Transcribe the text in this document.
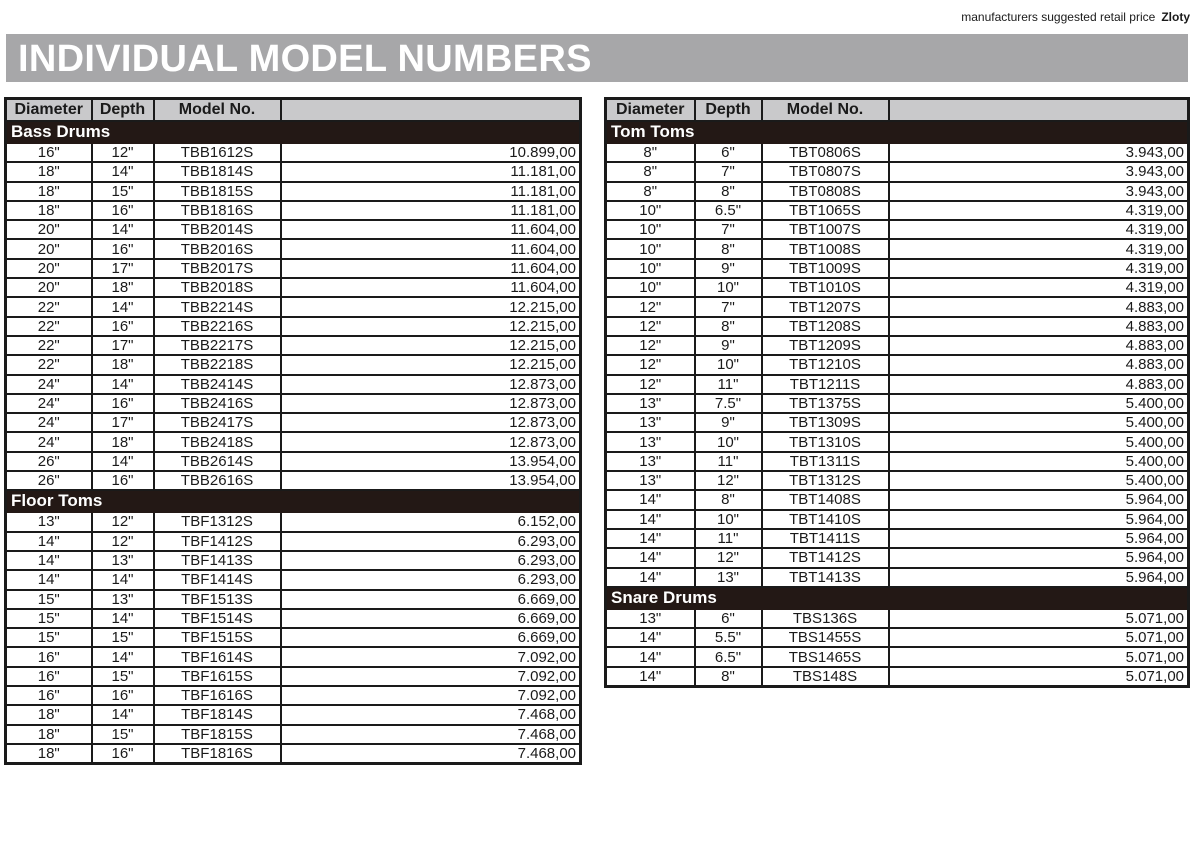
manufacturers suggested retail price Zloty
INDIVIDUAL MODEL NUMBERS
Diameter	Depth	Model No.	
Bass Drums			
16"	12"	TBB1612S	10.899,00
18"	14"	TBB1814S	11.181,00
18"	15"	TBB1815S	11.181,00
18"	16"	TBB1816S	11.181,00
20"	14"	TBB2014S	11.604,00
20"	16"	TBB2016S	11.604,00
20"	17"	TBB2017S	11.604,00
20"	18"	TBB2018S	11.604,00
22"	14"	TBB2214S	12.215,00
22"	16"	TBB2216S	12.215,00
22"	17"	TBB2217S	12.215,00
22"	18"	TBB2218S	12.215,00
24"	14"	TBB2414S	12.873,00
24"	16"	TBB2416S	12.873,00
24"	17"	TBB2417S	12.873,00
24"	18"	TBB2418S	12.873,00
26"	14"	TBB2614S	13.954,00
26"	16"	TBB2616S	13.954,00
Floor Toms			
13"	12"	TBF1312S	6.152,00
14"	12"	TBF1412S	6.293,00
14"	13"	TBF1413S	6.293,00
14"	14"	TBF1414S	6.293,00
15"	13"	TBF1513S	6.669,00
15"	14"	TBF1514S	6.669,00
15"	15"	TBF1515S	6.669,00
16"	14"	TBF1614S	7.092,00
16"	15"	TBF1615S	7.092,00
16"	16"	TBF1616S	7.092,00
18"	14"	TBF1814S	7.468,00
18"	15"	TBF1815S	7.468,00
18"	16"	TBF1816S	7.468,00
Diameter	Depth	Model No.	
Tom Toms			
8"	6"	TBT0806S	3.943,00
8"	7"	TBT0807S	3.943,00
8"	8"	TBT0808S	3.943,00
10"	6.5"	TBT1065S	4.319,00
10"	7"	TBT1007S	4.319,00
10"	8"	TBT1008S	4.319,00
10"	9"	TBT1009S	4.319,00
10"	10"	TBT1010S	4.319,00
12"	7"	TBT1207S	4.883,00
12"	8"	TBT1208S	4.883,00
12"	9"	TBT1209S	4.883,00
12"	10"	TBT1210S	4.883,00
12"	11"	TBT1211S	4.883,00
13"	7.5"	TBT1375S	5.400,00
13"	9"	TBT1309S	5.400,00
13"	10"	TBT1310S	5.400,00
13"	11"	TBT1311S	5.400,00
13"	12"	TBT1312S	5.400,00
14"	8"	TBT1408S	5.964,00
14"	10"	TBT1410S	5.964,00
14"	11"	TBT1411S	5.964,00
14"	12"	TBT1412S	5.964,00
14"	13"	TBT1413S	5.964,00
Snare Drums			
13"	6"	TBS136S	5.071,00
14"	5.5"	TBS1455S	5.071,00
14"	6.5"	TBS1465S	5.071,00
14"	8"	TBS148S	5.071,00
